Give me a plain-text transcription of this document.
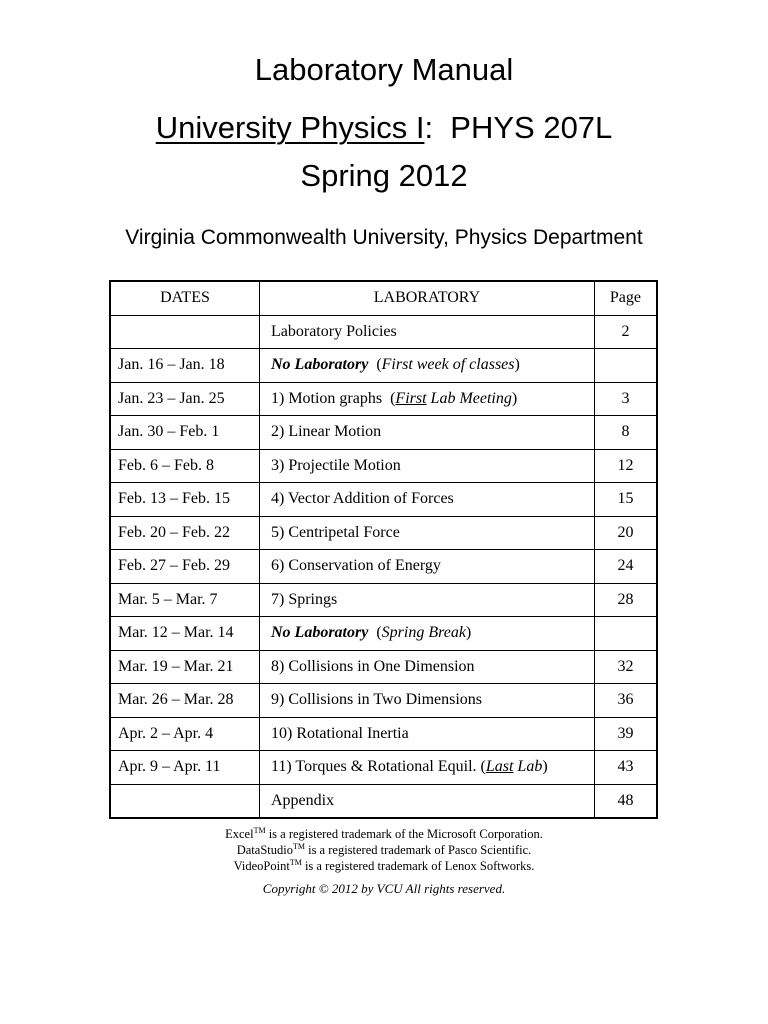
Laboratory Manual
University Physics I: PHYS 207L
Spring 2012
Virginia Commonwealth University, Physics Department
DATES	LABORATORY	Page
	Laboratory Policies	2
Jan. 16 – Jan. 18	No Laboratory  (First week of classes)	
Jan. 23 – Jan. 25	1) Motion graphs  (First Lab Meeting)	3
Jan. 30 – Feb. 1	2) Linear Motion	8
Feb. 6 – Feb. 8	3) Projectile Motion	12
Feb. 13 – Feb. 15	4) Vector Addition of Forces	15
Feb. 20 – Feb. 22	5) Centripetal Force	20
Feb. 27 – Feb. 29	6) Conservation of Energy	24
Mar. 5 – Mar. 7	7) Springs	28
Mar. 12 – Mar. 14	No Laboratory  (Spring Break)	
Mar. 19 – Mar. 21	8) Collisions in One Dimension	32
Mar. 26 – Mar. 28	9) Collisions in Two Dimensions	36
Apr. 2 – Apr. 4	10) Rotational Inertia	39
Apr. 9 – Apr. 11	11) Torques & Rotational Equil. (Last Lab)	43
	Appendix	48
Excel™ is a registered trademark of the Microsoft Corporation.
DataStudio™ is a registered trademark of Pasco Scientific.
VideoPoint™ is a registered trademark of Lenox Softworks.
Copyright © 2012 by VCU All rights reserved.
